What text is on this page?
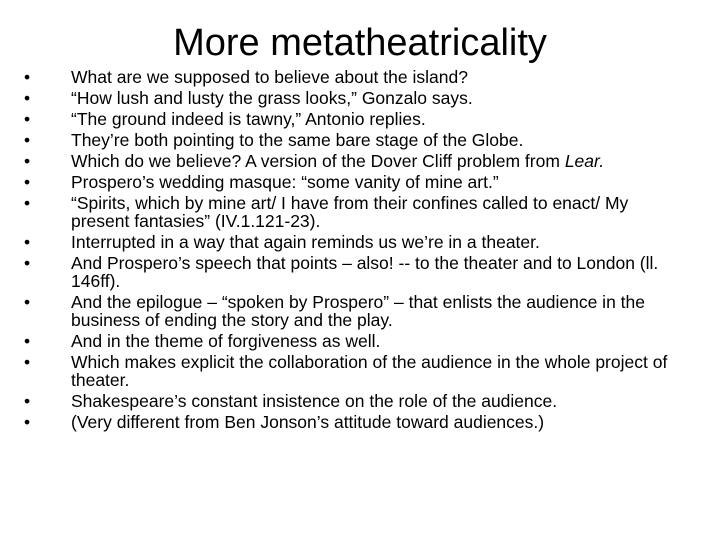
More metatheatricality
•	What are we supposed to believe about the island?
•	“How lush and lusty the grass looks,” Gonzalo says.
•	“The ground indeed is tawny,” Antonio replies.
•	They’re both pointing to the same bare stage of the Globe.
•	Which do we believe? A version of the Dover Cliff problem from Lear.
•	Prospero’s wedding masque: “some vanity of mine art.”
•	“Spirits, which by mine art/ I have from their confines called to enact/ My present fantasies” (IV.1.121-23).
•	Interrupted in a way that again reminds us we’re in a theater.
•	And Prospero’s speech that points – also! -- to the theater and to London (ll. 146ff).
•	And the epilogue – “spoken by Prospero” – that enlists the audience in the business of ending the story and the play.
•	And in the theme of forgiveness as well.
•	Which makes explicit the collaboration of the audience in the whole project of theater.
•	Shakespeare’s constant insistence on the role of the audience.
•	(Very different from Ben Jonson’s attitude toward audiences.)
